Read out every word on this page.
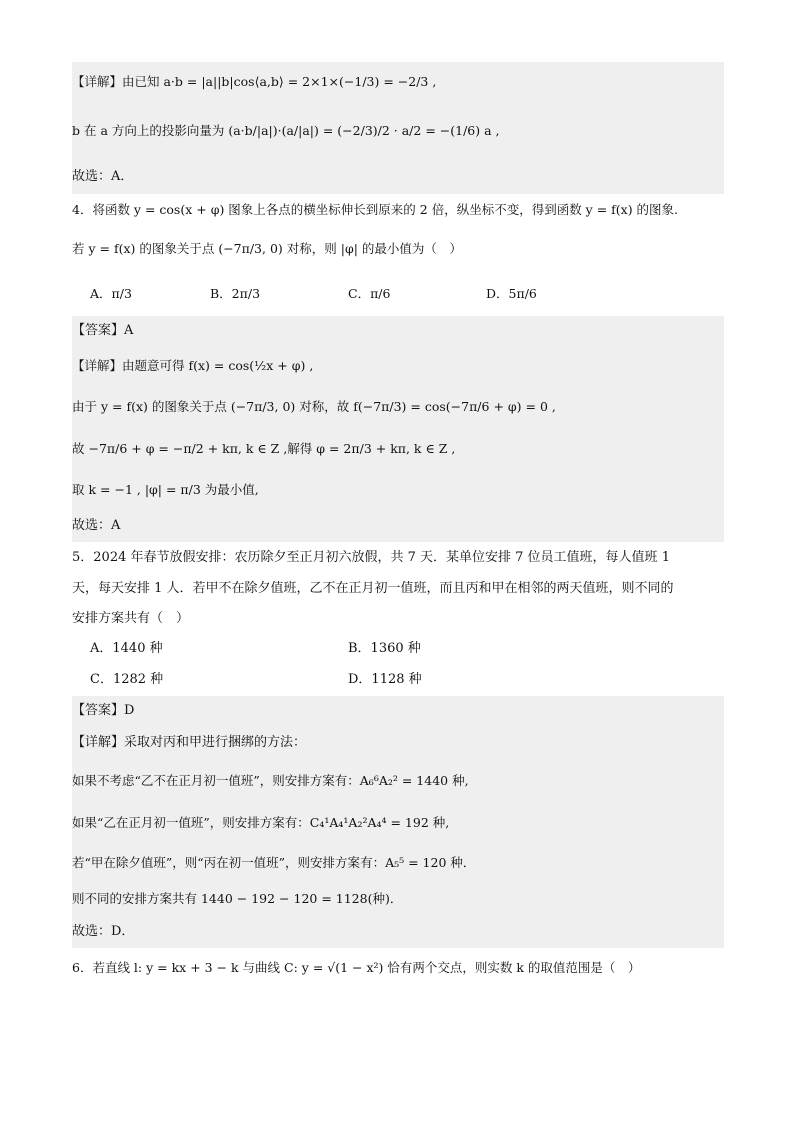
【详解】由已知 a·b = |a||b|cos⟨a,b⟩ = 2×1×(−1/3) = −2/3 ,
b 在 a 方向上的投影向量为 (a·b/|a|)·(a/|a|) = (−2/3)/2 · a/2 = −(1/6) a ,
故选：A．
4．将函数 y = cos(x + φ) 图象上各点的横坐标伸长到原来的 2 倍，纵坐标不变，得到函数 y = f(x) 的图象.
若 y = f(x) 的图象关于点 (−7π/3, 0) 对称，则 |φ| 的最小值为（　）
A．π/3	B．2π/3	C．π/6	D．5π/6
【答案】A
【详解】由题意可得 f(x) = cos(½x + φ) ,
由于 y = f(x) 的图象关于点 (−7π/3, 0) 对称，故 f(−7π/3) = cos(−7π/6 + φ) = 0 ,
故 −7π/6 + φ = −π/2 + kπ, k ∈ Z ,解得 φ = 2π/3 + kπ, k ∈ Z ,
取 k = −1 , |φ| = π/3 为最小值,
故选：A
5．2024 年春节放假安排：农历除夕至正月初六放假，共 7 天．某单位安排 7 位员工值班，每人值班 1
天，每天安排 1 人．若甲不在除夕值班，乙不在正月初一值班，而且丙和甲在相邻的两天值班，则不同的
安排方案共有（　）
A．1440 种	B．1360 种
C．1282 种	D．1128 种
【答案】D
【详解】采取对丙和甲进行捆绑的方法：
如果不考虑“乙不在正月初一值班”，则安排方案有：A₆⁶A₂² = 1440 种,
如果“乙在正月初一值班”，则安排方案有：C₄¹A₄¹A₂²A₄⁴ = 192 种,
若“甲在除夕值班”，则“丙在初一值班”，则安排方案有：A₅⁵ = 120 种．
则不同的安排方案共有 1440 − 192 − 120 = 1128(种)．
故选：D．
6．若直线 l: y = kx + 3 − k 与曲线 C: y = √(1 − x²) 恰有两个交点，则实数 k 的取值范围是（　）
